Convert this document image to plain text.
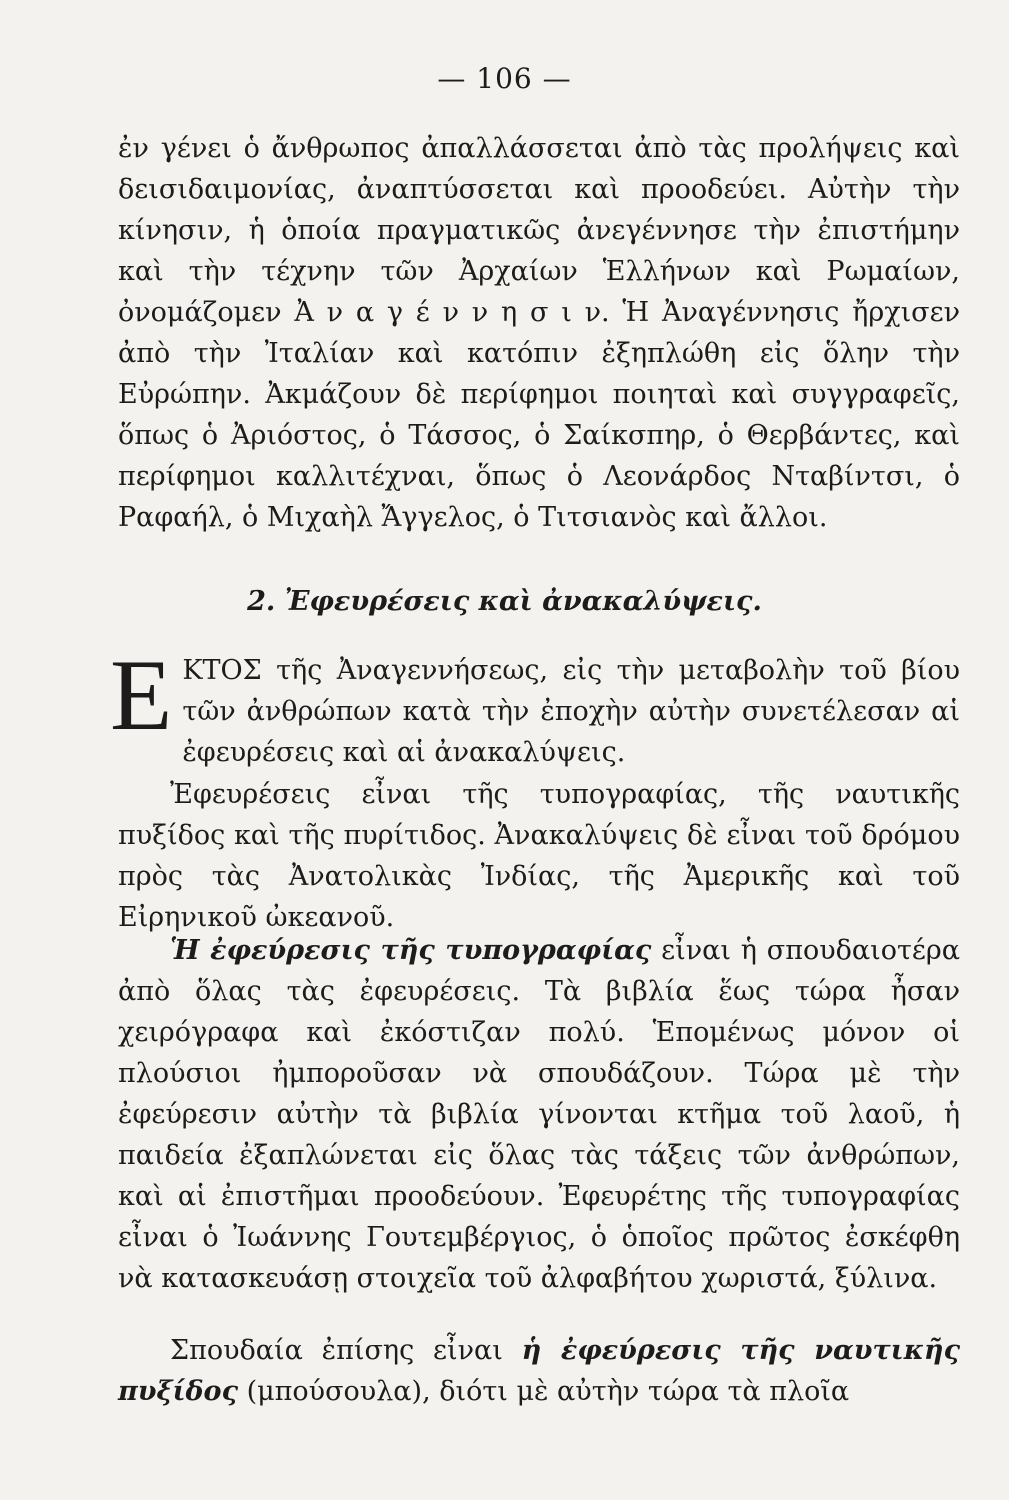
— 106 —
ἐν γένει ὁ ἄνθρωπος ἀπαλλάσσεται ἀπὸ τὰς προλήψεις καὶ δεισιδαιμονίας, ἀναπτύσσεται καὶ προοδεύει. Αὐτὴν τὴν κίνησιν, ἡ ὁποία πραγματικῶς ἀνεγέννησε τὴν ἐπιστήμην καὶ τὴν τέχνην τῶν Ἀρχαίων Ἑλλήνων καὶ Ρωμαίων, ὀνομάζομεν Ἀ ν α γ έ ν ν η σ ι ν. Ἡ Ἀναγέννησις ἤρχισεν ἀπὸ τὴν Ἰταλίαν καὶ κατόπιν ἐξηπλώθη εἰς ὅλην τὴν Εὐρώπην. Ἀκμάζουν δὲ περίφημοι ποιηταὶ καὶ συγγραφεῖς, ὅπως ὁ Ἀριόστος, ὁ Τάσσος, ὁ Σαίκσπηρ, ὁ Θερβάντες, καὶ περίφημοι καλλιτέχναι, ὅπως ὁ Λεονάρδος Νταβίντσι, ὁ Ραφαήλ, ὁ Μιχαὴλ Ἄγγελος, ὁ Τιτσιανὸς καὶ ἄλλοι.
2. Ἐφευρέσεις καὶ ἀνακαλύψεις.
ΕΚΤΟΣ τῆς Ἀναγεννήσεως, εἰς τὴν μεταβολὴν τοῦ βίου τῶν ἀνθρώπων κατὰ τὴν ἐποχὴν αὐτὴν συνετέλεσαν αἱ ἐφευρέσεις καὶ αἱ ἀνακαλύψεις.
Ἐφευρέσεις εἶναι τῆς τυπογραφίας, τῆς ναυτικῆς πυξίδος καὶ τῆς πυρίτιδος. Ἀνακαλύψεις δὲ εἶναι τοῦ δρόμου πρὸς τὰς Ἀνατολικὰς Ἰνδίας, τῆς Ἀμερικῆς καὶ τοῦ Εἰρηνικοῦ ὠκεανοῦ.
Ἡ ἐφεύρεσις τῆς τυπογραφίας εἶναι ἡ σπουδαιοτέρα ἀπὸ ὅλας τὰς ἐφευρέσεις. Τὰ βιβλία ἕως τώρα ἦσαν χειρόγραφα καὶ ἐκόστιζαν πολύ. Ἑπομένως μόνον οἱ πλούσιοι ἠμποροῦσαν νὰ σπουδάζουν. Τώρα μὲ τὴν ἐφεύρεσιν αὐτὴν τὰ βιβλία γίνονται κτῆμα τοῦ λαοῦ, ἡ παιδεία ἐξαπλώνεται εἰς ὅλας τὰς τάξεις τῶν ἀνθρώπων, καὶ αἱ ἐπιστῆμαι προοδεύουν. Ἐφευρέτης τῆς τυπογραφίας εἶναι ὁ Ἰωάννης Γουτεμβέργιος, ὁ ὁποῖος πρῶτος ἐσκέφθη νὰ κατασκευάσῃ στοιχεῖα τοῦ ἀλφαβήτου χωριστά, ξύλινα.
Σπουδαία ἐπίσης εἶναι ἡ ἐφεύρεσις τῆς ναυτικῆς πυξίδος (μπούσουλα), διότι μὲ αὐτὴν τώρα τὰ πλοῖα
